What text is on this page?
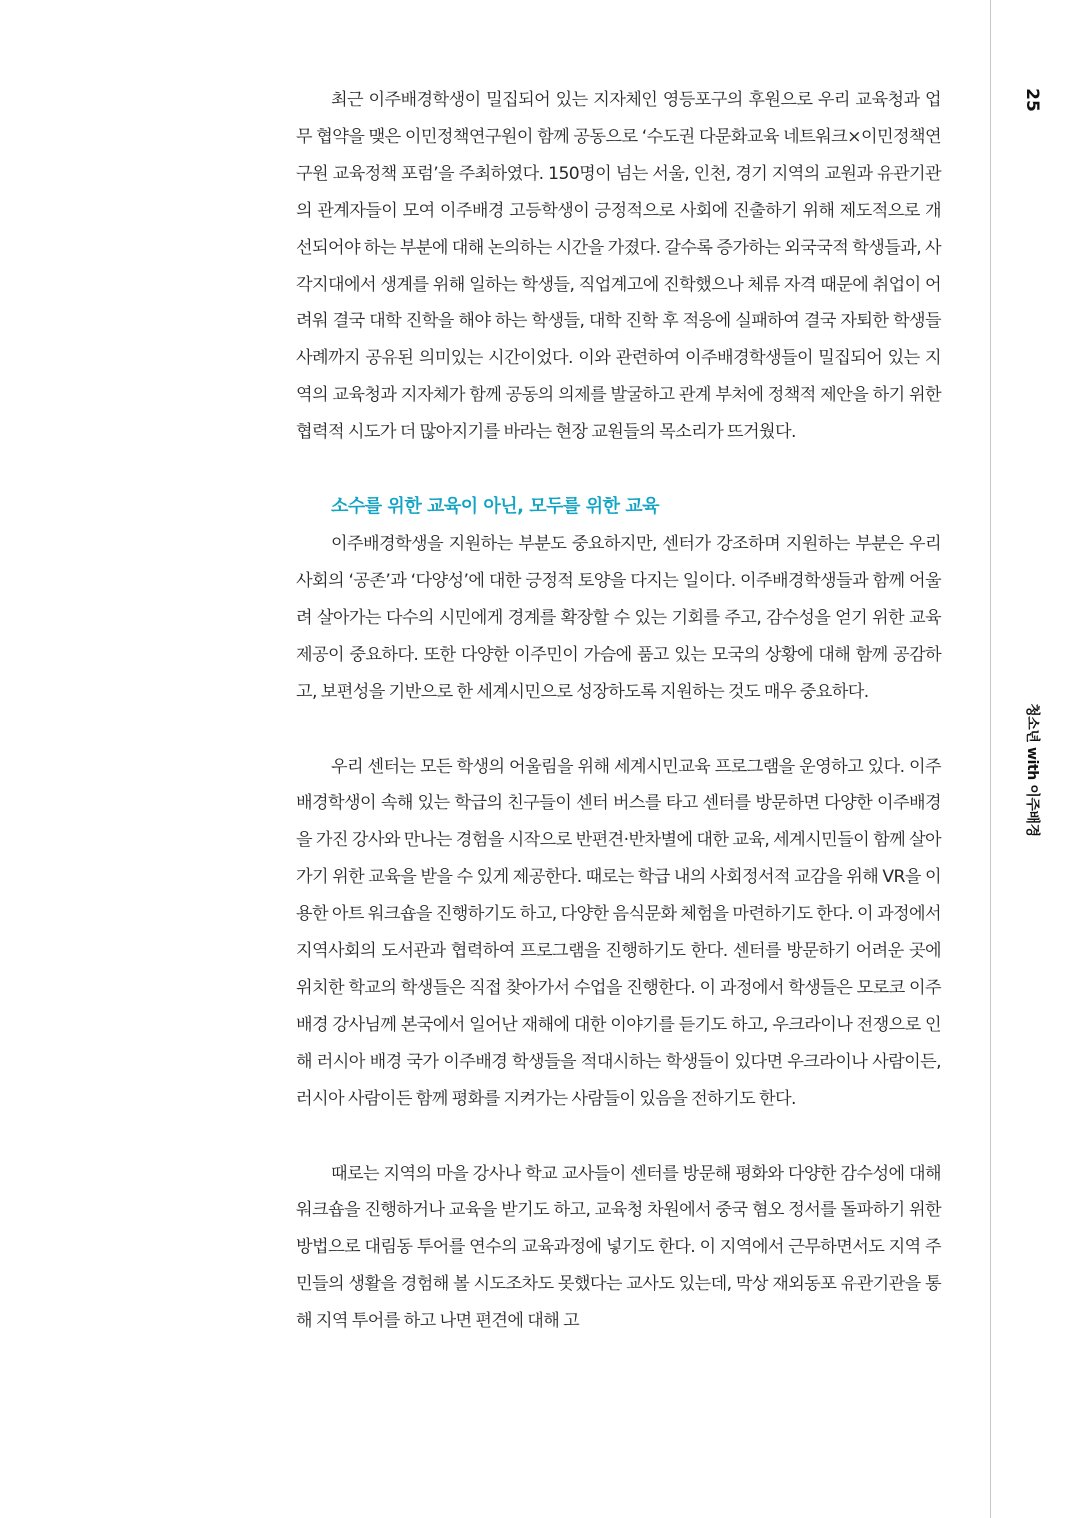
최근 이주배경학생이 밀집되어 있는 지자체인 영등포구의 후원으로 우리 교육청과 업무 협약을 맺은 이민정책연구원이 함께 공동으로 ‘수도권 다문화교육 네트워크×이민정책연구원 교육정책 포럼’을 주최하였다. 150명이 넘는 서울, 인천, 경기 지역의 교원과 유관기관의 관계자들이 모여 이주배경 고등학생이 긍정적으로 사회에 진출하기 위해 제도적으로 개선되어야 하는 부분에 대해 논의하는 시간을 가졌다. 갈수록 증가하는 외국국적 학생들과, 사각지대에서 생계를 위해 일하는 학생들, 직업계고에 진학했으나 체류 자격 때문에 취업이 어려워 결국 대학 진학을 해야 하는 학생들, 대학 진학 후 적응에 실패하여 결국 자퇴한 학생들 사례까지 공유된 의미있는 시간이었다. 이와 관련하여 이주배경학생들이 밀집되어 있는 지역의 교육청과 지자체가 함께 공동의 의제를 발굴하고 관계 부처에 정책적 제안을 하기 위한 협력적 시도가 더 많아지기를 바라는 현장 교원들의 목소리가 뜨거웠다.

소수를 위한 교육이 아닌, 모두를 위한 교육

이주배경학생을 지원하는 부분도 중요하지만, 센터가 강조하며 지원하는 부분은 우리 사회의 ‘공존’과 ‘다양성’에 대한 긍정적 토양을 다지는 일이다. 이주배경학생들과 함께 어울려 살아가는 다수의 시민에게 경계를 확장할 수 있는 기회를 주고, 감수성을 얻기 위한 교육 제공이 중요하다. 또한 다양한 이주민이 가슴에 품고 있는 모국의 상황에 대해 함께 공감하고, 보편성을 기반으로 한 세계시민으로 성장하도록 지원하는 것도 매우 중요하다.

우리 센터는 모든 학생의 어울림을 위해 세계시민교육 프로그램을 운영하고 있다. 이주배경학생이 속해 있는 학급의 친구들이 센터 버스를 타고 센터를 방문하면 다양한 이주배경을 가진 강사와 만나는 경험을 시작으로 반편견·반차별에 대한 교육, 세계시민들이 함께 살아가기 위한 교육을 받을 수 있게 제공한다. 때로는 학급 내의 사회정서적 교감을 위해 VR을 이용한 아트 워크숍을 진행하기도 하고, 다양한 음식문화 체험을 마련하기도 한다. 이 과정에서 지역사회의 도서관과 협력하여 프로그램을 진행하기도 한다. 센터를 방문하기 어려운 곳에 위치한 학교의 학생들은 직접 찾아가서 수업을 진행한다. 이 과정에서 학생들은 모로코 이주배경 강사님께 본국에서 일어난 재해에 대한 이야기를 듣기도 하고, 우크라이나 전쟁으로 인해 러시아 배경 국가 이주배경 학생들을 적대시하는 학생들이 있다면 우크라이나 사람이든, 러시아 사람이든 함께 평화를 지켜가는 사람들이 있음을 전하기도 한다.

때로는 지역의 마을 강사나 학교 교사들이 센터를 방문해 평화와 다양한 감수성에 대해 워크숍을 진행하거나 교육을 받기도 하고, 교육청 차원에서 중국 혐오 정서를 돌파하기 위한 방법으로 대림동 투어를 연수의 교육과정에 넣기도 한다. 이 지역에서 근무하면서도 지역 주민들의 생활을 경험해 볼 시도조차도 못했다는 교사도 있는데, 막상 재외동포 유관기관을 통해 지역 투어를 하고 나면 편견에 대해 고

25
청소년 with 이주배경
